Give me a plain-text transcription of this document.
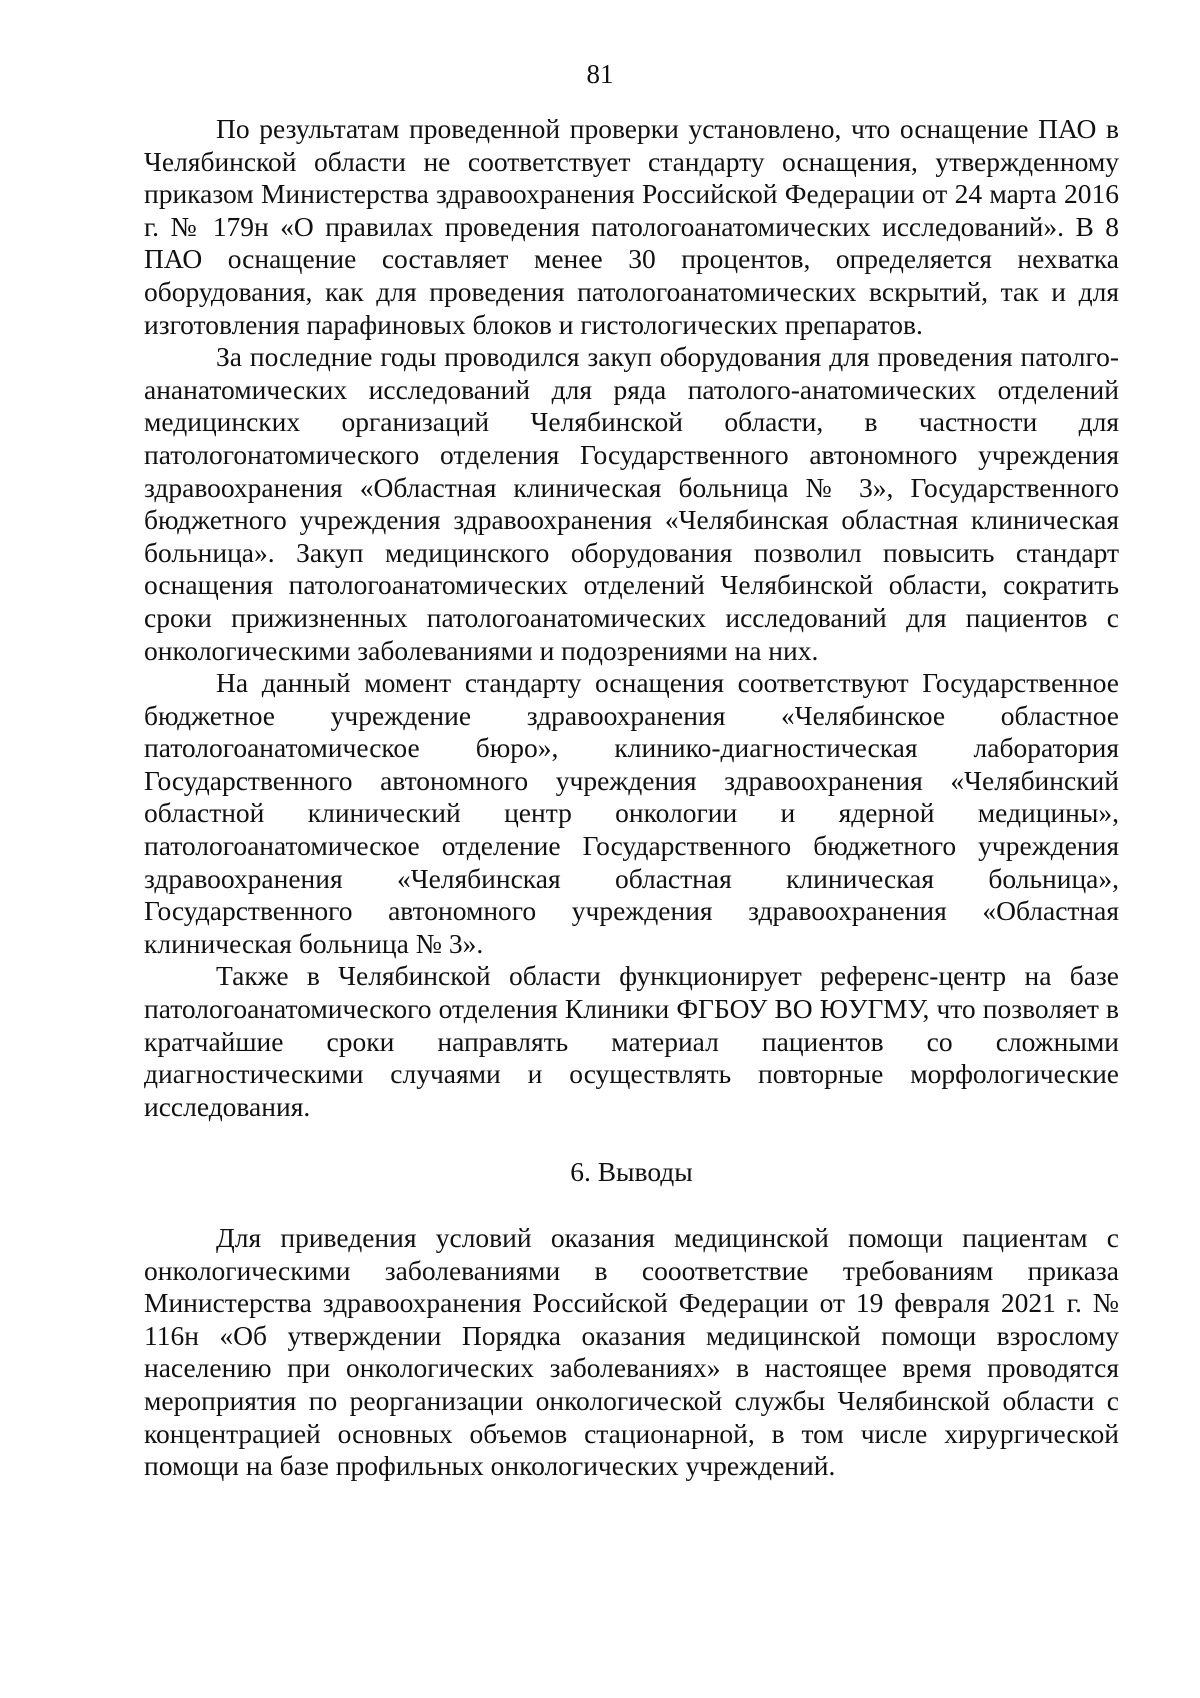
81

По результатам проведенной проверки установлено, что оснащение ПАО в Челябинской области не соответствует стандарту оснащения, утвержденному приказом Министерства здравоохранения Российской Федерации от 24 марта 2016 г. № 179н «О правилах проведения патологоанатомических исследований». В 8 ПАО оснащение составляет менее 30 процентов, определяется нехватка оборудования, как для проведения патологоанатомических вскрытий, так и для изготовления парафиновых блоков и гистологических препаратов.

За последние годы проводился закуп оборудования для проведения патолго-ананатомических исследований для ряда патолого-анатомических отделений медицинских организаций Челябинской области, в частности для патологонатомического отделения Государственного автономного учреждения здравоохранения «Областная клиническая больница № 3», Государственного бюджетного учреждения здравоохранения «Челябинская областная клиническая больница». Закуп медицинского оборудования позволил повысить стандарт оснащения патологоанатомических отделений Челябинской области, сократить сроки прижизненных патологоанатомических исследований для пациентов с онкологическими заболеваниями и подозрениями на них.

На данный момент стандарту оснащения соответствуют Государственное бюджетное учреждение здравоохранения «Челябинское областное патологоанатомическое бюро», клинико-диагностическая лаборатория Государственного автономного учреждения здравоохранения «Челябинский областной клинический центр онкологии и ядерной медицины», патологоанатомическое отделение Государственного бюджетного учреждения здравоохранения «Челябинская областная клиническая больница», Государственного автономного учреждения здравоохранения «Областная клиническая больница № 3».

Также в Челябинской области функционирует референс-центр на базе патологоанатомического отделения Клиники ФГБОУ ВО ЮУГМУ, что позволяет в кратчайшие сроки направлять материал пациентов со сложными диагностическими случаями и осуществлять повторные морфологические исследования.

6. Выводы

Для приведения условий оказания медицинской помощи пациентам с онкологическими заболеваниями в сооответствие требованиям приказа Министерства здравоохранения Российской Федерации от 19 февраля 2021 г. № 116н «Об утверждении Порядка оказания медицинской помощи взрослому населению при онкологических заболеваниях» в настоящее время проводятся мероприятия по реорганизации онкологической службы Челябинской области с концентрацией основных объемов стационарной, в том числе хирургической помощи на базе профильных онкологических учреждений.
